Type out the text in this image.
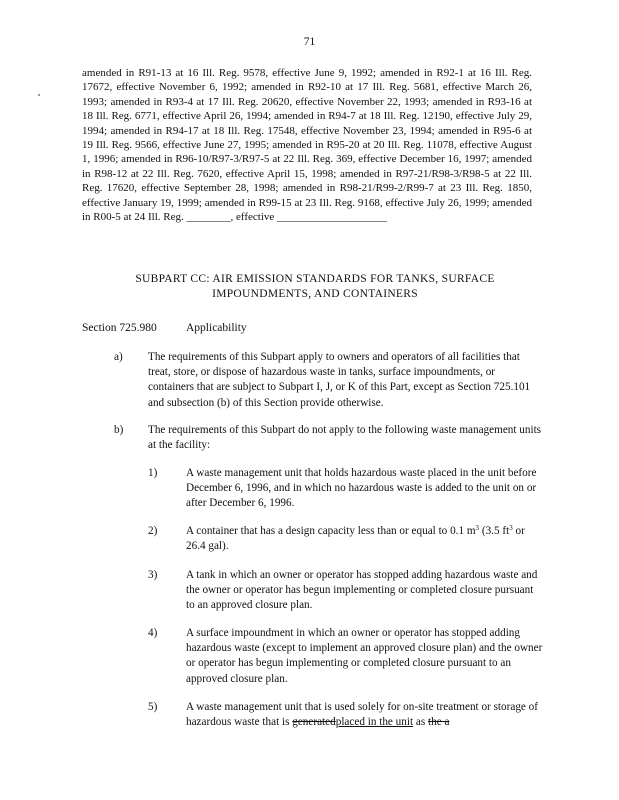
71
amended in R91-13 at 16 Ill. Reg. 9578, effective June 9, 1992; amended in R92-1 at 16 Ill. Reg. 17672, effective November 6, 1992; amended in R92-10 at 17 Ill. Reg. 5681, effective March 26, 1993; amended in R93-4 at 17 Ill. Reg. 20620, effective November 22, 1993; amended in R93-16 at 18 Ill. Reg. 6771, effective April 26, 1994; amended in R94-7 at 18 Ill. Reg. 12190, effective July 29, 1994; amended in R94-17 at 18 Ill. Reg. 17548, effective November 23, 1994; amended in R95-6 at 19 Ill. Reg. 9566, effective June 27, 1995; amended in R95-20 at 20 Ill. Reg. 11078, effective August 1, 1996; amended in R96-10/R97-3/R97-5 at 22 Ill. Reg. 369, effective December 16, 1997; amended in R98-12 at 22 Ill. Reg. 7620, effective April 15, 1998; amended in R97-21/R98-3/R98-5 at 22 Ill. Reg. 17620, effective September 28, 1998; amended in R98-21/R99-2/R99-7 at 23 Ill. Reg. 1850, effective January 19, 1999; amended in R99-15 at 23 Ill. Reg. 9168, effective July 26, 1999; amended in R00-5 at 24 Ill. Reg. ________, effective ____________________
SUBPART CC: AIR EMISSION STANDARDS FOR TANKS, SURFACE IMPOUNDMENTS, AND CONTAINERS
Section 725.980	Applicability
a) The requirements of this Subpart apply to owners and operators of all facilities that treat, store, or dispose of hazardous waste in tanks, surface impoundments, or containers that are subject to Subpart I, J, or K of this Part, except as Section 725.101 and subsection (b) of this Section provide otherwise.
b) The requirements of this Subpart do not apply to the following waste management units at the facility:
1)	A waste management unit that holds hazardous waste placed in the unit before December 6, 1996, and in which no hazardous waste is added to the unit on or after December 6, 1996.
2)	A container that has a design capacity less than or equal to 0.1 $m^3$ (3.5 $ft^3$ or 26.4 gal).
3)	A tank in which an owner or operator has stopped adding hazardous waste and the owner or operator has begun implementing or completed closure pursuant to an approved closure plan.
4)	A surface impoundment in which an owner or operator has stopped adding hazardous waste (except to implement an approved closure plan) and the owner or operator has begun implementing or completed closure pursuant to an approved closure plan.
5)	A waste management unit that is used solely for on-site treatment or storage of hazardous waste that is generatedplaced in the unit as the a
